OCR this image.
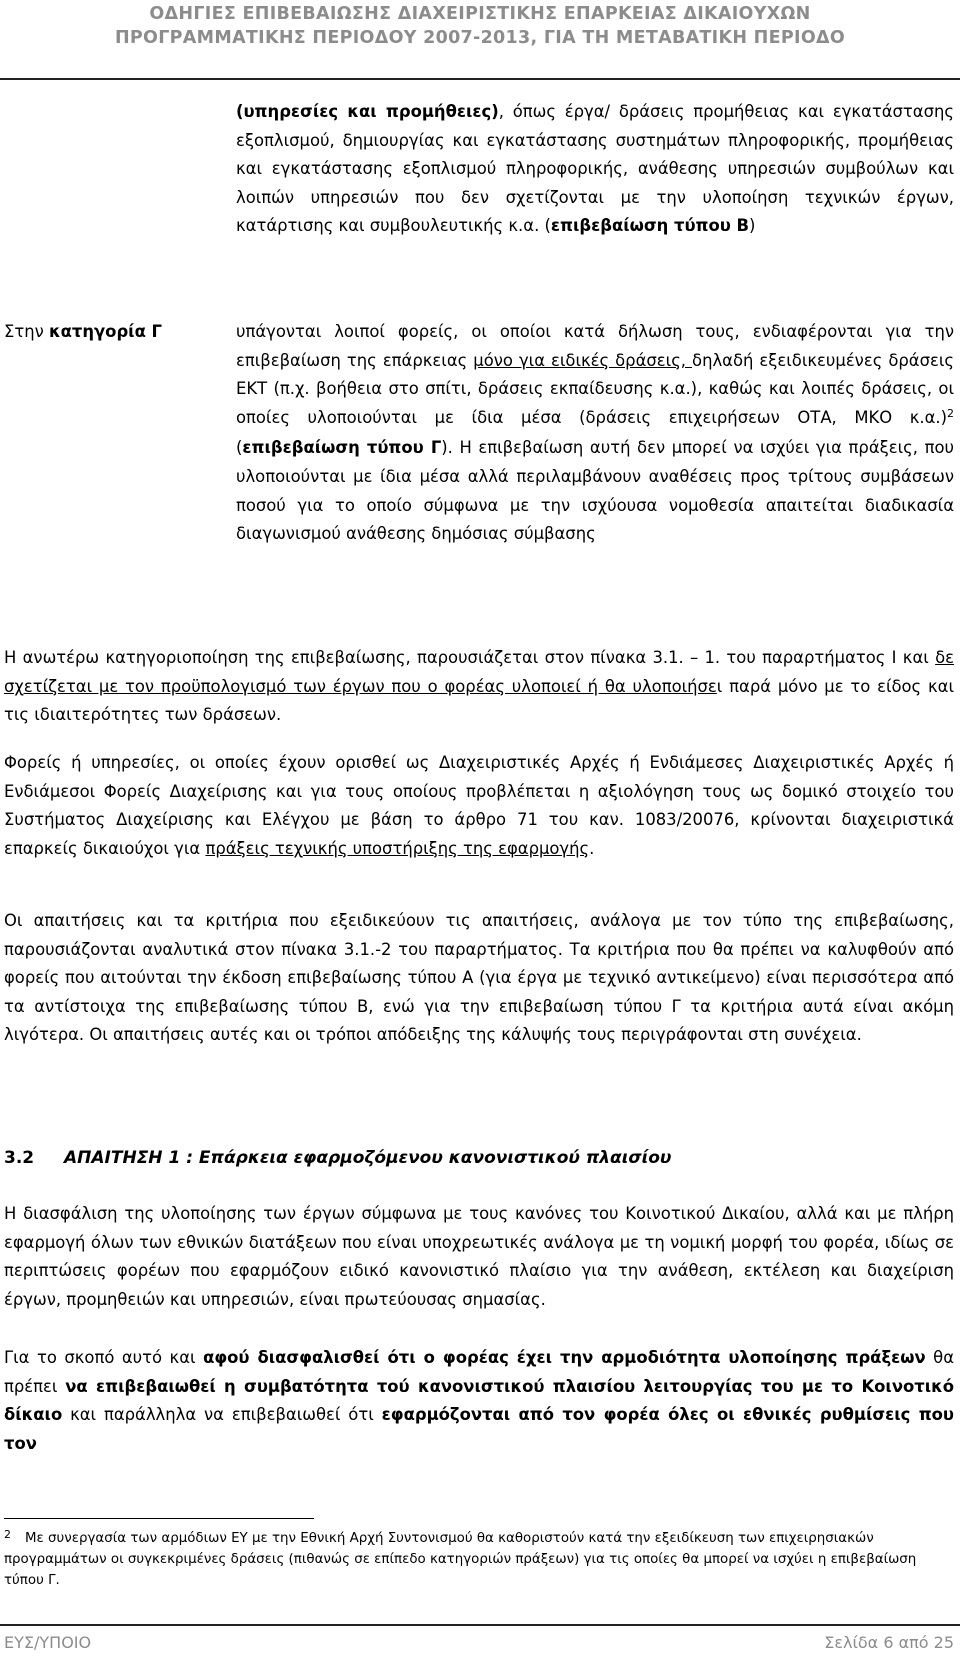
ΟΔΗΓΙΕΣ ΕΠΙΒΕΒΑΙΩΣΗΣ ΔΙΑΧΕΙΡΙΣΤΙΚΗΣ ΕΠΑΡΚΕΙΑΣ ΔΙΚΑΙΟΥΧΩΝ
ΠΡΟΓΡΑΜΜΑΤΙΚΗΣ ΠΕΡΙΟΔΟΥ 2007-2013, ΓΙΑ ΤΗ ΜΕΤΑΒΑΤΙΚΗ ΠΕΡΙΟΔΟ
(υπηρεσίες και προμήθειες), όπως έργα/ δράσεις προμήθειας και εγκατάστασης εξοπλισμού, δημιουργίας και εγκατάστασης συστημάτων πληροφορικής, προμήθειας και εγκατάστασης εξοπλισμού πληροφορικής, ανάθεσης υπηρεσιών συμβούλων και λοιπών υπηρεσιών που δεν σχετίζονται με την υλοποίηση τεχνικών έργων, κατάρτισης και συμβουλευτικής κ.α. (επιβεβαίωση τύπου Β)
Στην κατηγορία Γ	υπάγονται λοιποί φορείς, οι οποίοι κατά δήλωση τους, ενδιαφέρονται για την επιβεβαίωση της επάρκειας μόνο για ειδικές δράσεις, δηλαδή εξειδικευμένες δράσεις ΕΚΤ (π.χ. βοήθεια στο σπίτι, δράσεις εκπαίδευσης κ.α.), καθώς και λοιπές δράσεις, οι οποίες υλοποιούνται με ίδια μέσα (δράσεις επιχειρήσεων ΟΤΑ, ΜΚΟ κ.α.)$^2$ (επιβεβαίωση τύπου Γ). Η επιβεβαίωση αυτή δεν μπορεί να ισχύει για πράξεις, που υλοποιούνται με ίδια μέσα αλλά περιλαμβάνουν αναθέσεις προς τρίτους συμβάσεων ποσού για το οποίο σύμφωνα με την ισχύουσα νομοθεσία απαιτείται διαδικασία διαγωνισμού ανάθεσης δημόσιας σύμβασης
Η ανωτέρω κατηγοριοποίηση της επιβεβαίωσης, παρουσιάζεται στον πίνακα 3.1. – 1. του παραρτήματος Ι και δε σχετίζεται με τον προϋπολογισμό των έργων που ο φορέας υλοποιεί ή θα υλοποιήσει παρά μόνο με το είδος και τις ιδιαιτερότητες των δράσεων.
Φορείς ή υπηρεσίες, οι οποίες έχουν ορισθεί ως Διαχειριστικές Αρχές ή Ενδιάμεσες Διαχειριστικές Αρχές ή Ενδιάμεσοι Φορείς Διαχείρισης και για τους οποίους προβλέπεται η αξιολόγηση τους ως δομικό στοιχείο του Συστήματος Διαχείρισης και Ελέγχου με βάση το άρθρο 71 του καν. 1083/20076, κρίνονται διαχειριστικά επαρκείς δικαιούχοι για πράξεις τεχνικής υποστήριξης της εφαρμογής.
Οι απαιτήσεις και τα κριτήρια που εξειδικεύουν τις απαιτήσεις, ανάλογα με τον τύπο της επιβεβαίωσης, παρουσιάζονται αναλυτικά στον πίνακα 3.1.-2 του παραρτήματος. Τα κριτήρια που θα πρέπει να καλυφθούν από φορείς που αιτούνται την έκδοση επιβεβαίωσης τύπου Α (για έργα με τεχνικό αντικείμενο) είναι περισσότερα από τα αντίστοιχα της επιβεβαίωσης τύπου Β, ενώ για την επιβεβαίωση τύπου Γ τα κριτήρια αυτά είναι ακόμη λιγότερα. Οι απαιτήσεις αυτές και οι τρόποι απόδειξης της κάλυψής τους περιγράφονται στη συνέχεια.
3.2 ΑΠΑΙΤΗΣΗ 1 : Επάρκεια εφαρμοζόμενου κανονιστικού πλαισίου
Η διασφάλιση της υλοποίησης των έργων σύμφωνα με τους κανόνες του Κοινοτικού Δικαίου, αλλά και με πλήρη εφαρμογή όλων των εθνικών διατάξεων που είναι υποχρεωτικές ανάλογα με τη νομική μορφή του φορέα, ιδίως σε περιπτώσεις φορέων που εφαρμόζουν ειδικό κανονιστικό πλαίσιο για την ανάθεση, εκτέλεση και διαχείριση έργων, προμηθειών και υπηρεσιών, είναι πρωτεύουσας σημασίας.
Για το σκοπό αυτό και αφού διασφαλισθεί ότι ο φορέας έχει την αρμοδιότητα υλοποίησης πράξεων θα πρέπει να επιβεβαιωθεί η συμβατότητα τού κανονιστικού πλαισίου λειτουργίας του με το Κοινοτικό δίκαιο και παράλληλα να επιβεβαιωθεί ότι εφαρμόζονται από τον φορέα όλες οι εθνικές ρυθμίσεις που τον
$^2$ Με συνεργασία των αρμόδιων ΕΥ με την Εθνική Αρχή Συντονισμού θα καθοριστούν κατά την εξειδίκευση των επιχειρησιακών προγραμμάτων οι συγκεκριμένες δράσεις (πιθανώς σε επίπεδο κατηγοριών πράξεων) για τις οποίες θα μπορεί να ισχύει η επιβεβαίωση τύπου Γ.
ΕΥΣ/ΥΠΟΙΟ	Σελίδα 6 από 25
